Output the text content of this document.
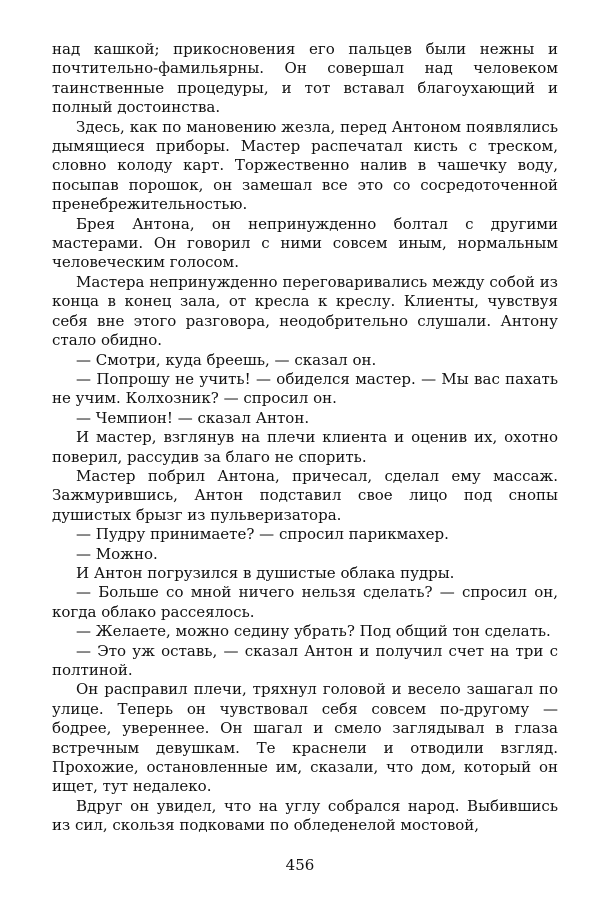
над кашкой; прикосновения его пальцев были нежны и почтительно-фамильярны. Он совершал над человеком таинственные процедуры, и тот вставал благоухающий и полный достоинства.

Здесь, как по мановению жезла, перед Антоном появлялись дымящиеся приборы. Мастер распечатал кисть с треском, словно колоду карт. Торжественно налив в чашечку воду, посыпав порошок, он замешал все это со сосредоточенной пренебрежительностью.

Брея Антона, он непринужденно болтал с другими мастерами. Он говорил с ними совсем иным, нормальным человеческим голосом.

Мастера непринужденно переговаривались между собой из конца в конец зала, от кресла к креслу. Клиенты, чувствуя себя вне этого разговора, неодобрительно слушали. Антону стало обидно.

— Смотри, куда бреешь, — сказал он.

— Попрошу не учить! — обиделся мастер. — Мы вас пахать не учим. Колхозник? — спросил он.

— Чемпион! — сказал Антон.

И мастер, взглянув на плечи клиента и оценив их, охотно поверил, рассудив за благо не спорить.

Мастер побрил Антона, причесал, сделал ему массаж. Зажмурившись, Антон подставил свое лицо под снопы душистых брызг из пульверизатора.

— Пудру принимаете? — спросил парикмахер.

— Можно.

И Антон погрузился в душистые облака пудры.

— Больше со мной ничего нельзя сделать? — спросил он, когда облако рассеялось.

— Желаете, можно седину убрать? Под общий тон сделать.

— Это уж оставь, — сказал Антон и получил счет на три с полтиной.

Он расправил плечи, тряхнул головой и весело зашагал по улице. Теперь он чувствовал себя совсем по-другому — бодрее, увереннее. Он шагал и смело заглядывал в глаза встречным девушкам. Те краснели и отводили взгляд. Прохожие, остановленные им, сказали, что дом, который он ищет, тут недалеко.

Вдруг он увидел, что на углу собрался народ. Выбившись из сил, скользя подковами по обледенелой мостовой,

456
